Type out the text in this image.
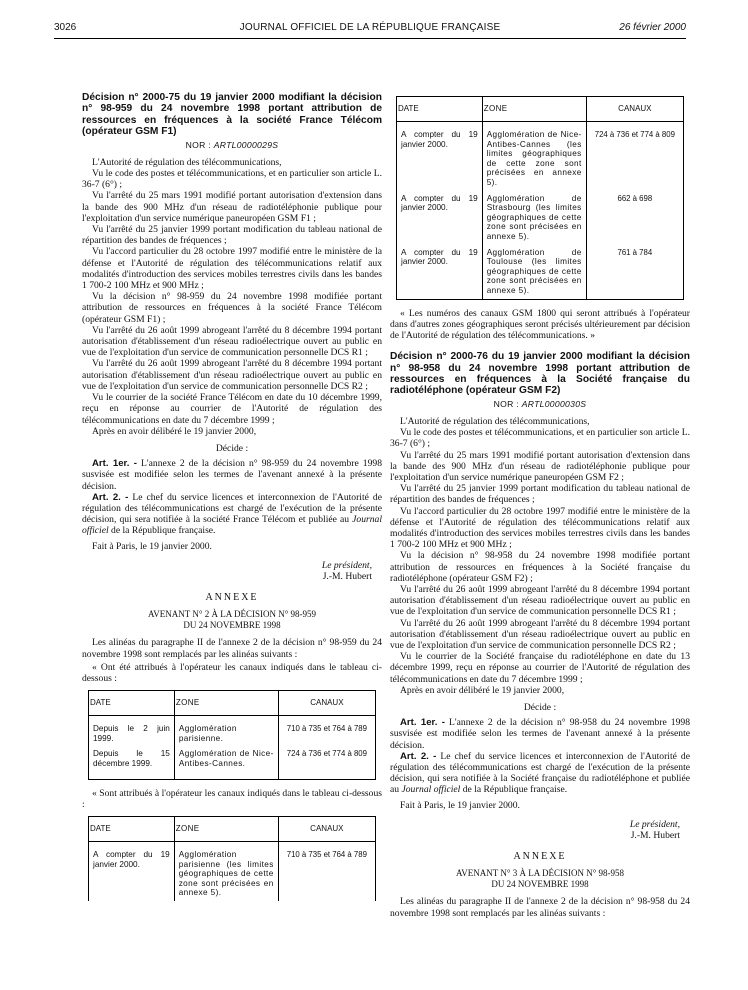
3026	JOURNAL OFFICIEL DE LA RÉPUBLIQUE FRANÇAISE	26 février 2000

Décision n° 2000-75 du 19 janvier 2000 modifiant la décision n° 98-959 du 24 novembre 1998 portant attribution de ressources en fréquences à la société France Télécom (opérateur GSM F1)

NOR : ARTL0000029S

L'Autorité de régulation des télécommunications,

Vu le code des postes et télécommunications, et en particulier son article L. 36-7 (6°) ;

Vu l'arrêté du 25 mars 1991 modifié portant autorisation d'extension dans la bande des 900 MHz d'un réseau de radiotéléphonie publique pour l'exploitation d'un service numérique paneuropéen GSM F1 ;

Vu l'arrêté du 25 janvier 1999 portant modification du tableau national de répartition des bandes de fréquences ;

Vu l'accord particulier du 28 octobre 1997 modifié entre le ministère de la défense et l'Autorité de régulation des télécommunications relatif aux modalités d'introduction des services mobiles terrestres civils dans les bandes 1 700-2 100 MHz et 900 MHz ;

Vu la décision n° 98-959 du 24 novembre 1998 modifiée portant attribution de ressources en fréquences à la société France Télécom (opérateur GSM F1) ;

Vu l'arrêté du 26 août 1999 abrogeant l'arrêté du 8 décembre 1994 portant autorisation d'établissement d'un réseau radioélectrique ouvert au public en vue de l'exploitation d'un service de communication personnelle DCS R1 ;

Vu l'arrêté du 26 août 1999 abrogeant l'arrêté du 8 décembre 1994 portant autorisation d'établissement d'un réseau radioélectrique ouvert au public en vue de l'exploitation d'un service de communication personnelle DCS R2 ;

Vu le courrier de la société France Télécom en date du 10 décembre 1999, reçu en réponse au courrier de l'Autorité de régulation des télécommunications en date du 7 décembre 1999 ;

Après en avoir délibéré le 19 janvier 2000,

Décide :

Art. 1er. - L'annexe 2 de la décision n° 98-959 du 24 novembre 1998 susvisée est modifiée selon les termes de l'avenant annexé à la présente décision.

Art. 2. - Le chef du service licences et interconnexion de l'Autorité de régulation des télécommunications est chargé de l'exécution de la présente décision, qui sera notifiée à la société France Télécom et publiée au Journal officiel de la République française.

Fait à Paris, le 19 janvier 2000.

Le président,

J.-M. Hubert

ANNEXE

AVENANT N° 2 À LA DÉCISION N° 98-959

DU 24 NOVEMBRE 1998

Les alinéas du paragraphe II de l'annexe 2 de la décision n° 98-959 du 24 novembre 1998 sont remplacés par les alinéas suivants :

« Ont été attribués à l'opérateur les canaux indiqués dans le tableau ci-dessous :

DATE	ZONE	CANAUX
Depuis le 2 juin 1999.	Agglomération parisienne.	710 à 735 et 764 à 789
Depuis le 15 décembre 1999.	Agglomération de Nice-Antibes-Cannes.	724 à 736 et 774 à 809

« Sont attribués à l'opérateur les canaux indiqués dans le tableau ci-dessous :

DATE	ZONE	CANAUX
A compter du 19 janvier 2000.	Agglomération parisienne (les limites géographiques de cette zone sont précisées en annexe 5).	710 à 735 et 764 à 789
DATE	ZONE	CANAUX
A compter du 19 janvier 2000.	Agglomération de Nice-Antibes-Cannes (les limites géographiques de cette zone sont précisées en annexe 5).	724 à 736 et 774 à 809
A compter du 19 janvier 2000.	Agglomération de Strasbourg (les limites géographiques de cette zone sont précisées en annexe 5).	662 à 698
A compter du 19 janvier 2000.	Agglomération de Toulouse (les limites géographiques de cette zone sont précisées en annexe 5).	761 à 784

« Les numéros des canaux GSM 1800 qui seront attribués à l'opérateur dans d'autres zones géographiques seront précisés ultérieurement par décision de l'Autorité de régulation des télécommunications. »

Décision n° 2000-76 du 19 janvier 2000 modifiant la décision n° 98-958 du 24 novembre 1998 portant attribution de ressources en fréquences à la Société française du radiotéléphone (opérateur GSM F2)

NOR : ARTL0000030S

L'Autorité de régulation des télécommunications,

Vu le code des postes et télécommunications, et en particulier son article L. 36-7 (6°) ;

Vu l'arrêté du 25 mars 1991 modifié portant autorisation d'extension dans la bande des 900 MHz d'un réseau de radiotéléphonie publique pour l'exploitation d'un service numérique paneuropéen GSM F2 ;

Vu l'arrêté du 25 janvier 1999 portant modification du tableau national de répartition des bandes de fréquences ;

Vu l'accord particulier du 28 octobre 1997 modifié entre le ministère de la défense et l'Autorité de régulation des télécommunications relatif aux modalités d'introduction des services mobiles terrestres civils dans les bandes 1 700-2 100 MHz et 900 MHz ;

Vu la décision n° 98-958 du 24 novembre 1998 modifiée portant attribution de ressources en fréquences à la Société française du radiotéléphone (opérateur GSM F2) ;

Vu l'arrêté du 26 août 1999 abrogeant l'arrêté du 8 décembre 1994 portant autorisation d'établissement d'un réseau radioélectrique ouvert au public en vue de l'exploitation d'un service de communication personnelle DCS R1 ;

Vu l'arrêté du 26 août 1999 abrogeant l'arrêté du 8 décembre 1994 portant autorisation d'établissement d'un réseau radioélectrique ouvert au public en vue de l'exploitation d'un service de communication personnelle DCS R2 ;

Vu le courrier de la Société française du radiotéléphone en date du 13 décembre 1999, reçu en réponse au courrier de l'Autorité de régulation des télécommunications en date du 7 décembre 1999 ;

Après en avoir délibéré le 19 janvier 2000,

Décide :

Art. 1er. - L'annexe 2 de la décision n° 98-958 du 24 novembre 1998 susvisée est modifiée selon les termes de l'avenant annexé à la présente décision.

Art. 2. - Le chef du service licences et interconnexion de l'Autorité de régulation des télécommunications est chargé de l'exécution de la présente décision, qui sera notifiée à la Société française du radiotéléphone et publiée au Journal officiel de la République française.

Fait à Paris, le 19 janvier 2000.

Le président,

J.-M. Hubert

ANNEXE

AVENANT N° 3 À LA DÉCISION N° 98-958

DU 24 NOVEMBRE 1998

Les alinéas du paragraphe II de l'annexe 2 de la décision n° 98-958 du 24 novembre 1998 sont remplacés par les alinéas suivants :
